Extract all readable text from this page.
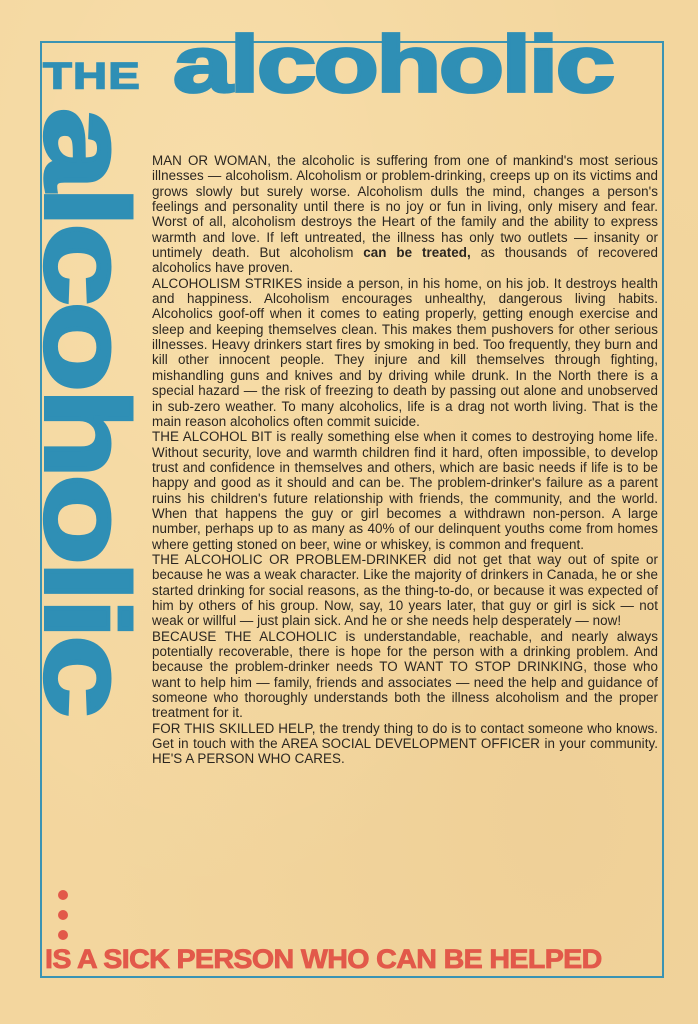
THE alcoholic
alcoholic MAN OR WOMAN, the alcoholic is suffering from one of mankind's most serious illnesses — alcoholism. Alcoholism or problem-drinking, creeps up on its victims and grows slowly but surely worse. Alcoholism dulls the mind, changes a person's feelings and personality until there is no joy or fun in living, only misery and fear. Worst of all, alcoholism destroys the Heart of the family and the ability to express warmth and love. If left untreated, the illness has only two outlets — insanity or untimely death. But alcoholism can be treated, as thousands of recovered alcoholics have proven.

ALCOHOLISM STRIKES inside a person, in his home, on his job. It destroys health and happiness. Alcoholism encourages unhealthy, dangerous living habits. Alcoholics goof-off when it comes to eating properly, getting enough exercise and sleep and keeping themselves clean. This makes them pushovers for other serious illnesses. Heavy drinkers start fires by smoking in bed. Too frequently, they burn and kill other innocent people. They injure and kill themselves through fighting, mishandling guns and knives and by driving while drunk. In the North there is a special hazard — the risk of freezing to death by passing out alone and unobserved in sub-zero weather. To many alcoholics, life is a drag not worth living. That is the main reason alcoholics often commit suicide.

THE ALCOHOL BIT is really something else when it comes to destroying home life. Without security, love and warmth children find it hard, often impossible, to develop trust and confidence in themselves and others, which are basic needs if life is to be happy and good as it should and can be. The problem-drinker's failure as a parent ruins his children's future relationship with friends, the community, and the world. When that happens the guy or girl becomes a withdrawn non-person. A large number, perhaps up to as many as 40% of our delinquent youths come from homes where getting stoned on beer, wine or whiskey, is common and frequent.

THE ALCOHOLIC OR PROBLEM-DRINKER did not get that way out of spite or because he was a weak character. Like the majority of drinkers in Canada, he or she started drinking for social reasons, as the thing-to-do, or because it was expected of him by others of his group. Now, say, 10 years later, that guy or girl is sick — not weak or willful — just plain sick. And he or she needs help desperately — now!

BECAUSE THE ALCOHOLIC is understandable, reachable, and nearly always potentially recoverable, there is hope for the person with a drinking problem. And because the problem-drinker needs TO WANT TO STOP DRINKING, those who want to help him — family, friends and associates — need the help and guidance of someone who thoroughly understands both the illness alcoholism and the proper treatment for it.

FOR THIS SKILLED HELP, the trendy thing to do is to contact someone who knows. Get in touch with the AREA SOCIAL DEVELOPMENT OFFICER in your community. HE'S A PERSON WHO CARES.

IS A SICK PERSON WHO CAN BE HELPED
